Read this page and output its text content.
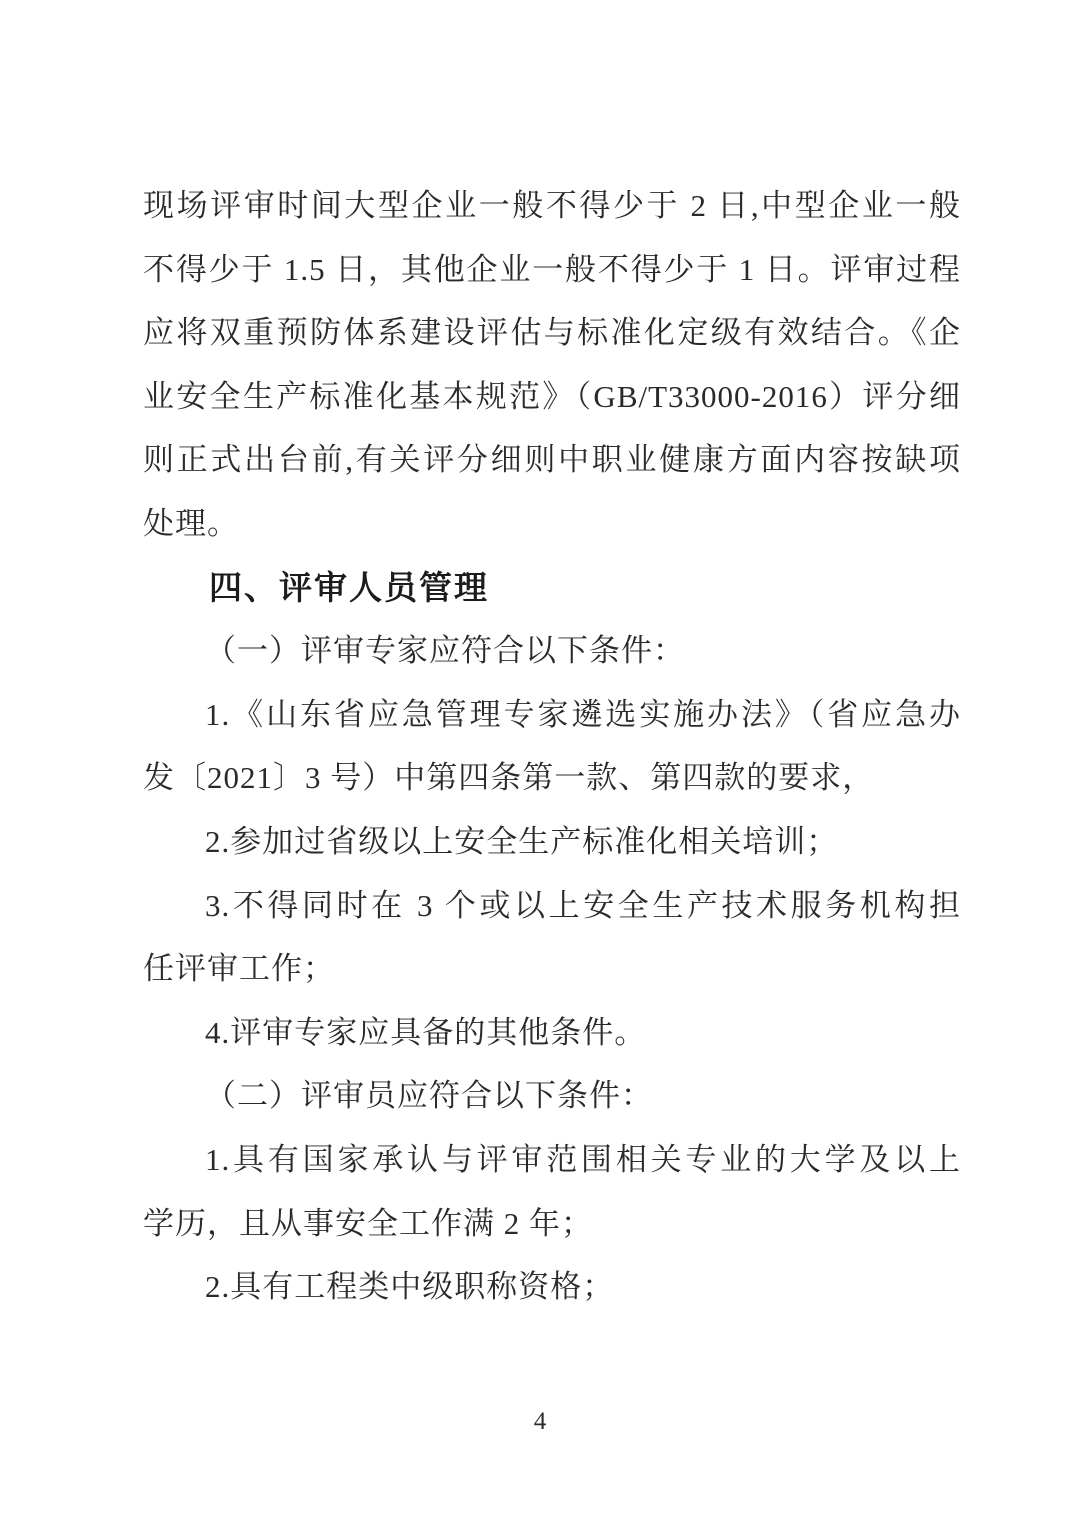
现场评审时间大型企业一般不得少于 2 日,中型企业一般
不得少于 1.5 日，其他企业一般不得少于 1 日。评审过程
应将双重预防体系建设评估与标准化定级有效结合。《企
业安全生产标准化基本规范》（GB/T33000-2016）评分细
则正式出台前,有关评分细则中职业健康方面内容按缺项
处理。
四、评审人员管理
（一）评审专家应符合以下条件：
1.《山东省应急管理专家遴选实施办法》（省应急办
发〔2021〕3 号）中第四条第一款、第四款的要求，
2.参加过省级以上安全生产标准化相关培训；
3.不得同时在 3 个或以上安全生产技术服务机构担
任评审工作；
4.评审专家应具备的其他条件。
（二）评审员应符合以下条件：
1.具有国家承认与评审范围相关专业的大学及以上
学历，且从事安全工作满 2 年；
2.具有工程类中级职称资格；
4
